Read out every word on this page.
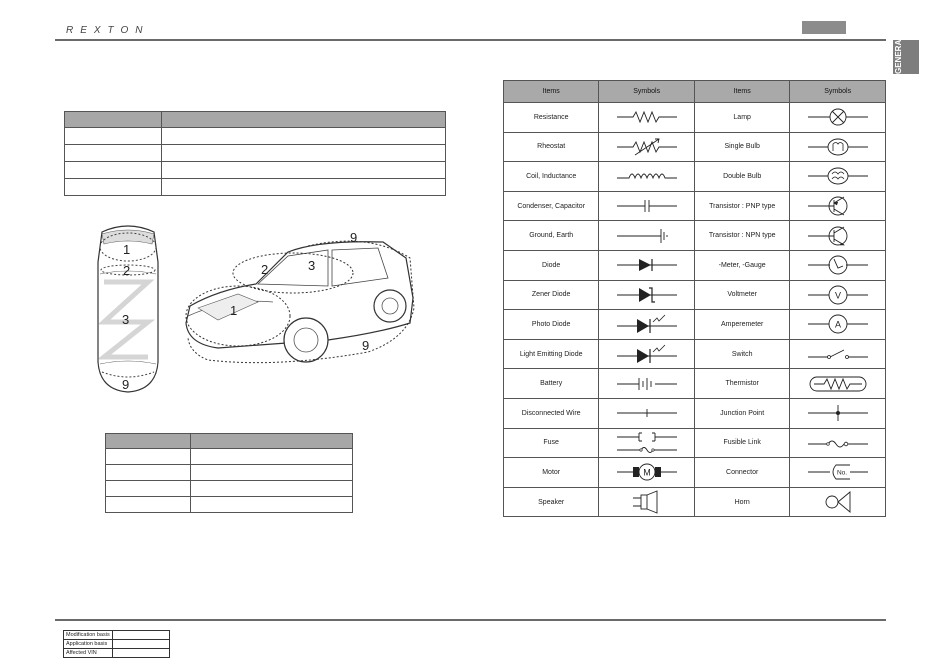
REXTON
GENERAL

1
2
3
9
9
2	3
1
9

Items	Symbols	Items	Symbols
Resistance		Lamp	

Rheostat		Single Bulb	

Coil, Inductance		Double Bulb	

Condenser, Capacitor		Transistor : PNP type	

Ground, Earth		Transistor : NPN type	

Diode		-Meter, -Gauge	

Zener Diode		Voltmeter	V

Photo Diode		Amperemeter	A

Light Emitting Diode		Switch	

Battery		Thermistor	

Disconnected Wire		Junction Point	

Fuse		Fusible Link	

Motor	M	Connector	No.

Speaker		Horn	
Modification basis	
Application basis	
Affected VIN	
